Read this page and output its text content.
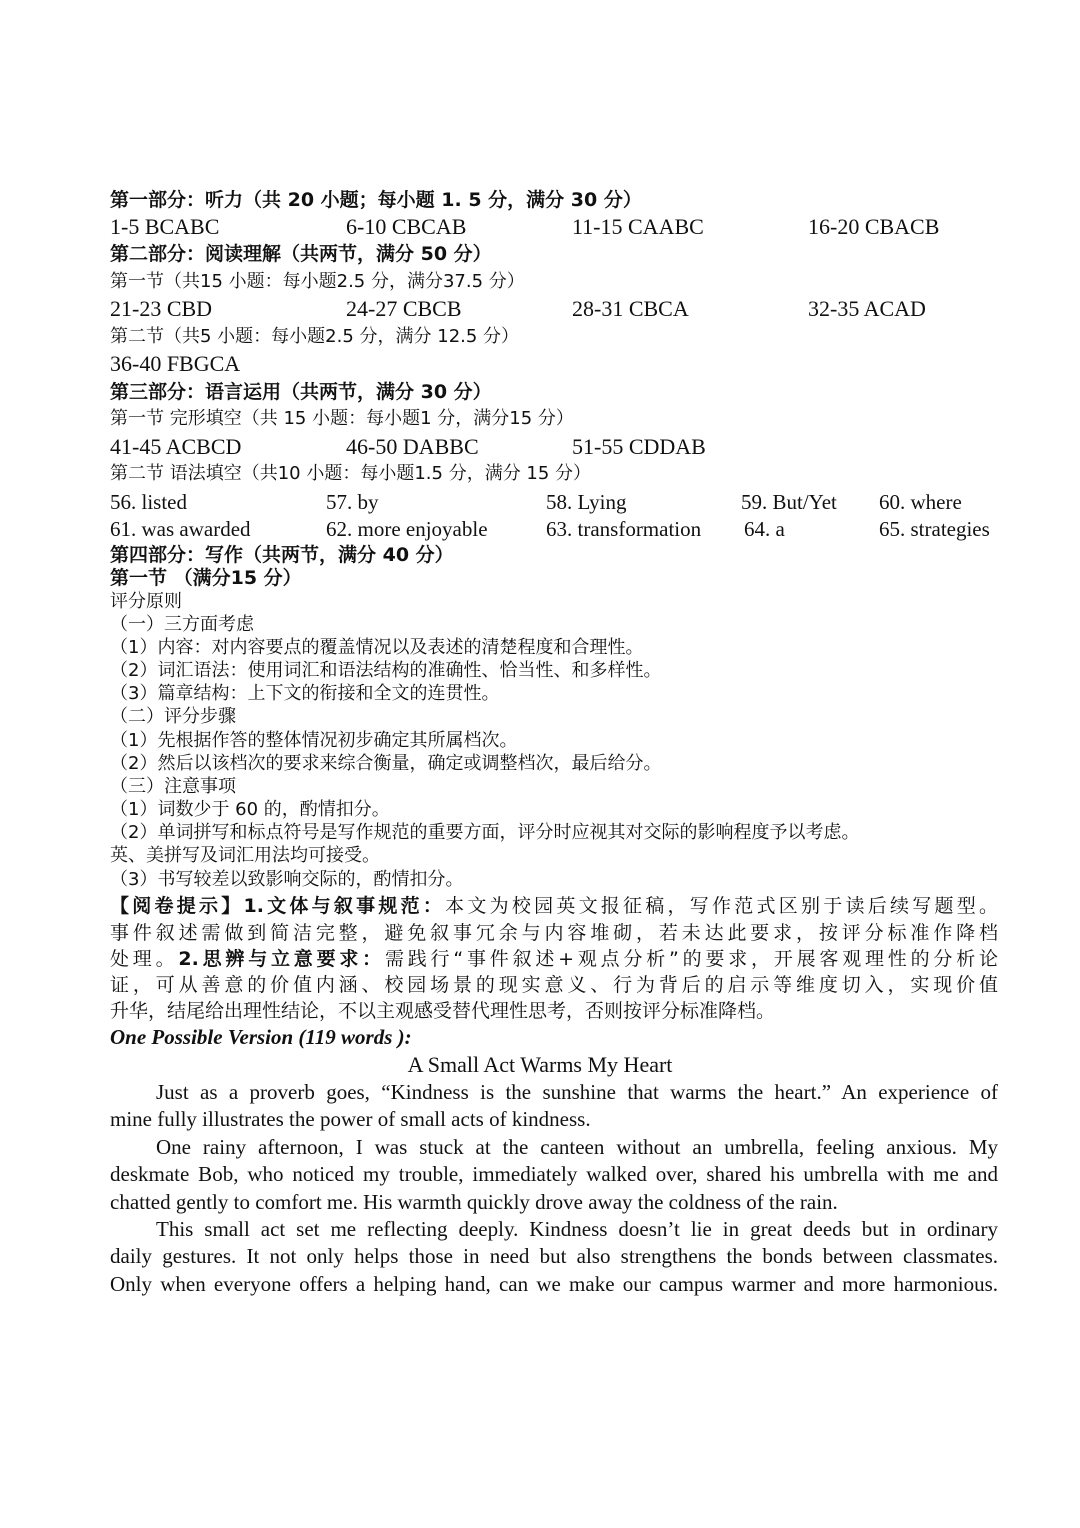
第一部分：听力（共 20 小题；每小题 1. 5 分，满分 30 分）
1-5 BCABC	6-10 CBCAB	11-15 CAABC	16-20 CBACB
第二部分：阅读理解（共两节，满分 50 分）
第一节（共15 小题：每小题2.5 分，满分37.5 分）
21-23 CBD	24-27 CBCB	28-31 CBCA	32-35 ACAD
第二节（共5 小题：每小题2.5 分，满分 12.5 分）
36-40 FBGCA
第三部分：语言运用（共两节，满分 30 分）
第一节 完形填空（共 15 小题：每小题1 分，满分15 分）
41-45 ACBCD	46-50 DABBC	51-55 CDDAB
第二节 语法填空（共10 小题：每小题1.5 分，满分 15 分）
56. listed	57. by	58. Lying	59. But/Yet 60. where
61. was awarded	62. more enjoyable	63. transformation 64. a	65. strategies
第四部分：写作（共两节，满分 40 分）
第一节 （满分15 分）
评分原则
（一）三方面考虑
（1）内容：对内容要点的覆盖情况以及表述的清楚程度和合理性。
（2）词汇语法：使用词汇和语法结构的准确性、恰当性、和多样性。
（3）篇章结构：上下文的衔接和全文的连贯性。
（二）评分步骤
（1）先根据作答的整体情况初步确定其所属档次。
（2）然后以该档次的要求来综合衡量，确定或调整档次，最后给分。
（三）注意事项
（1）词数少于 60 的，酌情扣分。
（2）单词拼写和标点符号是写作规范的重要方面，评分时应视其对交际的影响程度予以考虑。
英、美拼写及词汇用法均可接受。
（3）书写较差以致影响交际的，酌情扣分。
【阅卷提示】1.文体与叙事规范：本文为校园英文报征稿，写作范式区别于读后续写题型。
事件叙述需做到简洁完整，避免叙事冗余与内容堆砌，若未达此要求，按评分标准作降档
处理。2.思辨与立意要求：需践行“事件叙述+观点分析”的要求，开展客观理性的分析论
证，可从善意的价值内涵、校园场景的现实意义、行为背后的启示等维度切入，实现价值
升华，结尾给出理性结论，不以主观感受替代理性思考，否则按评分标准降档。
One Possible Version (119 words ):
A Small Act Warms My Heart
Just as a proverb goes, “Kindness is the sunshine that warms the heart.” An experience of
mine fully illustrates the power of small acts of kindness.
One rainy afternoon, I was stuck at the canteen without an umbrella, feeling anxious. My
deskmate Bob, who noticed my trouble, immediately walked over, shared his umbrella with me and
chatted gently to comfort me. His warmth quickly drove away the coldness of the rain.
This small act set me reflecting deeply. Kindness doesn’t lie in great deeds but in ordinary
daily gestures. It not only helps those in need but also strengthens the bonds between classmates.
Only when everyone offers a helping hand, can we make our campus warmer and more harmonious.
